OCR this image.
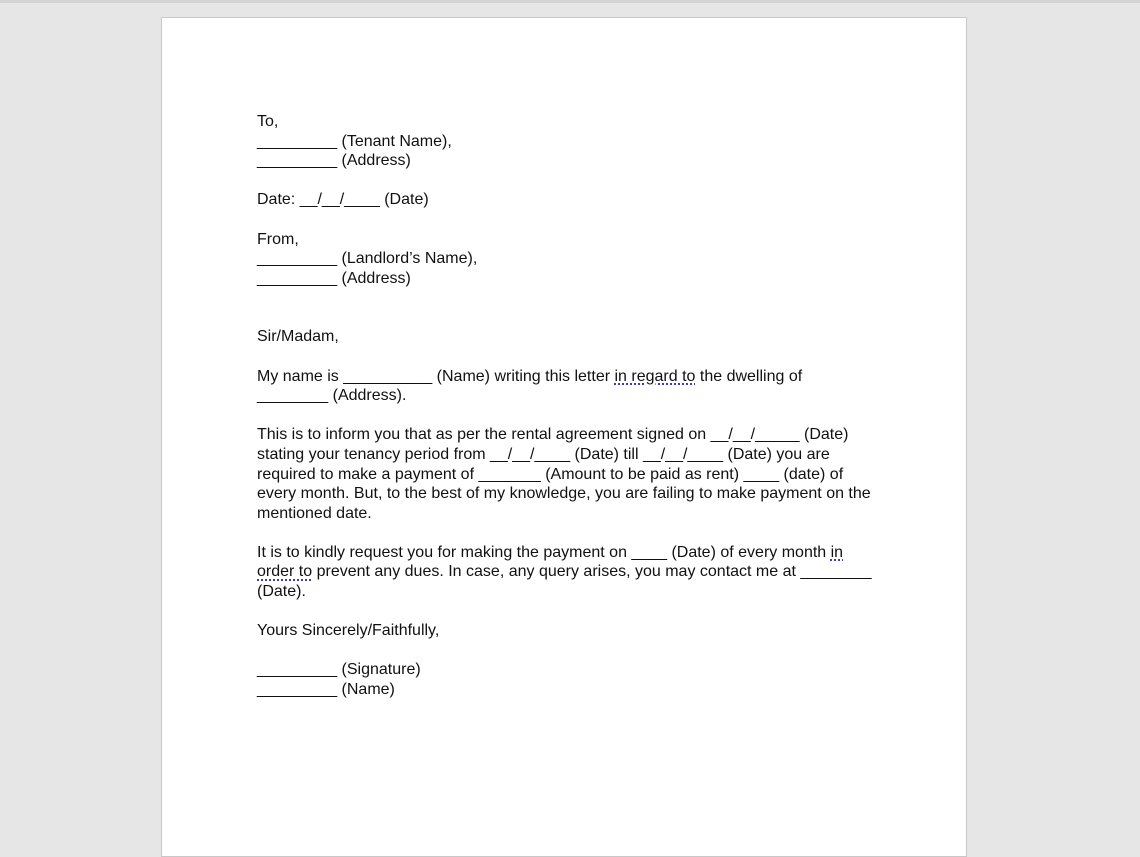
To,
_________ (Tenant Name),
_________ (Address)
Date: __/__/____ (Date)
From,
_________ (Landlord’s Name),
_________ (Address)
Sir/Madam,

My name is __________ (Name) writing this letter in regard to the dwelling of ________ (Address).

This is to inform you that as per the rental agreement signed on __/__/_____ (Date) stating your tenancy period from __/__/____ (Date) till __/__/____ (Date) you are required to make a payment of _______ (Amount to be paid as rent) ____ (date) of every month. But, to the best of my knowledge, you are failing to make payment on the mentioned date.

It is to kindly request you for making the payment on ____ (Date) of every month in order to prevent any dues. In case, any query arises, you may contact me at ________ (Date).

Yours Sincerely/Faithfully,
_________ (Signature)
_________ (Name)
